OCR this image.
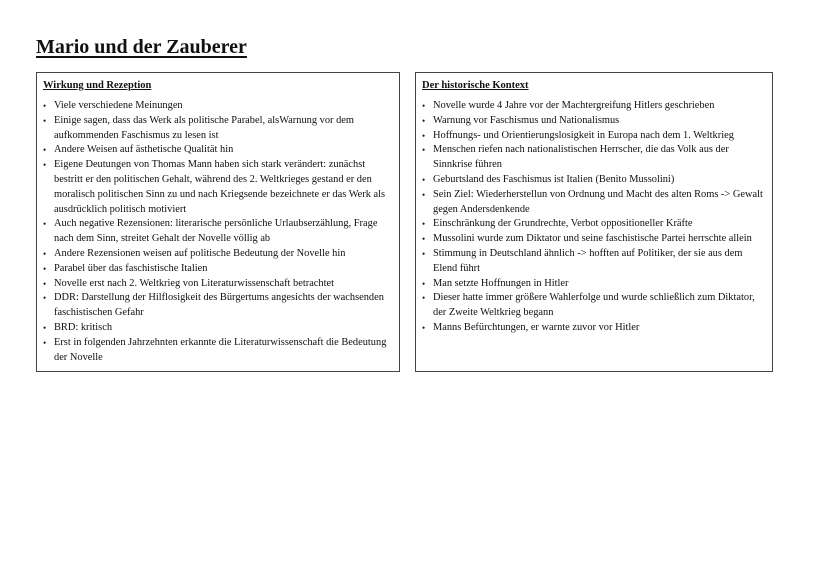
Mario und der Zauberer
Wirkung und Rezeption
• Viele verschiedene Meinungen
• Einige sagen, dass das Werk als politische Parabel, alsWarnung vor dem aufkommenden Faschismus zu lesen ist
• Andere Weisen auf ästhetische Qualität hin
• Eigene Deutungen von Thomas Mann haben sich stark verändert: zunächst bestritt er den politischen Gehalt, während des 2. Weltkrieges gestand er den moralisch politischen Sinn zu und nach Kriegsende bezeichnete er das Werk als ausdrücklich politisch motiviert
• Auch negative Rezensionen: literarische persönliche Urlaubserzählung, Frage nach dem Sinn, streitet Gehalt der Novelle völlig ab
• Andere Rezensionen weisen auf politische Bedeutung der Novelle hin
• Parabel über das faschistische Italien
• Novelle erst nach 2. Weltkrieg von Literaturwissenschaft betrachtet
• DDR: Darstellung der Hilflosigkeit des Bürgertums angesichts der wachsenden faschistischen Gefahr
• BRD: kritisch
• Erst in folgenden Jahrzehnten erkannte die Literaturwissenschaft die Bedeutung der Novelle
Der historische Kontext
• Novelle wurde 4 Jahre vor der Machtergreifung Hitlers geschrieben
• Warnung vor Faschismus und Nationalismus
• Hoffnungs- und Orientierungslosigkeit in Europa nach dem 1. Weltkrieg
• Menschen riefen nach nationalistischen Herrscher, die das Volk aus der Sinnkrise führen
• Geburtsland des Faschismus ist Italien (Benito Mussolini)
• Sein Ziel: Wiederherstellun von Ordnung und Macht des alten Roms -> Gewalt gegen Andersdenkende
• Einschränkung der Grundrechte, Verbot oppositioneller Kräfte
• Mussolini wurde zum Diktator und seine faschistische Partei herrschte allein
• Stimmung in Deutschland ähnlich -> hofften auf Politiker, der sie aus dem Elend führt
• Man setzte Hoffnungen in Hitler
• Dieser hatte immer größere Wahlerfolge und wurde schließlich zum Diktator, der Zweite Weltkrieg begann
• Manns Befürchtungen, er warnte zuvor vor Hitler
